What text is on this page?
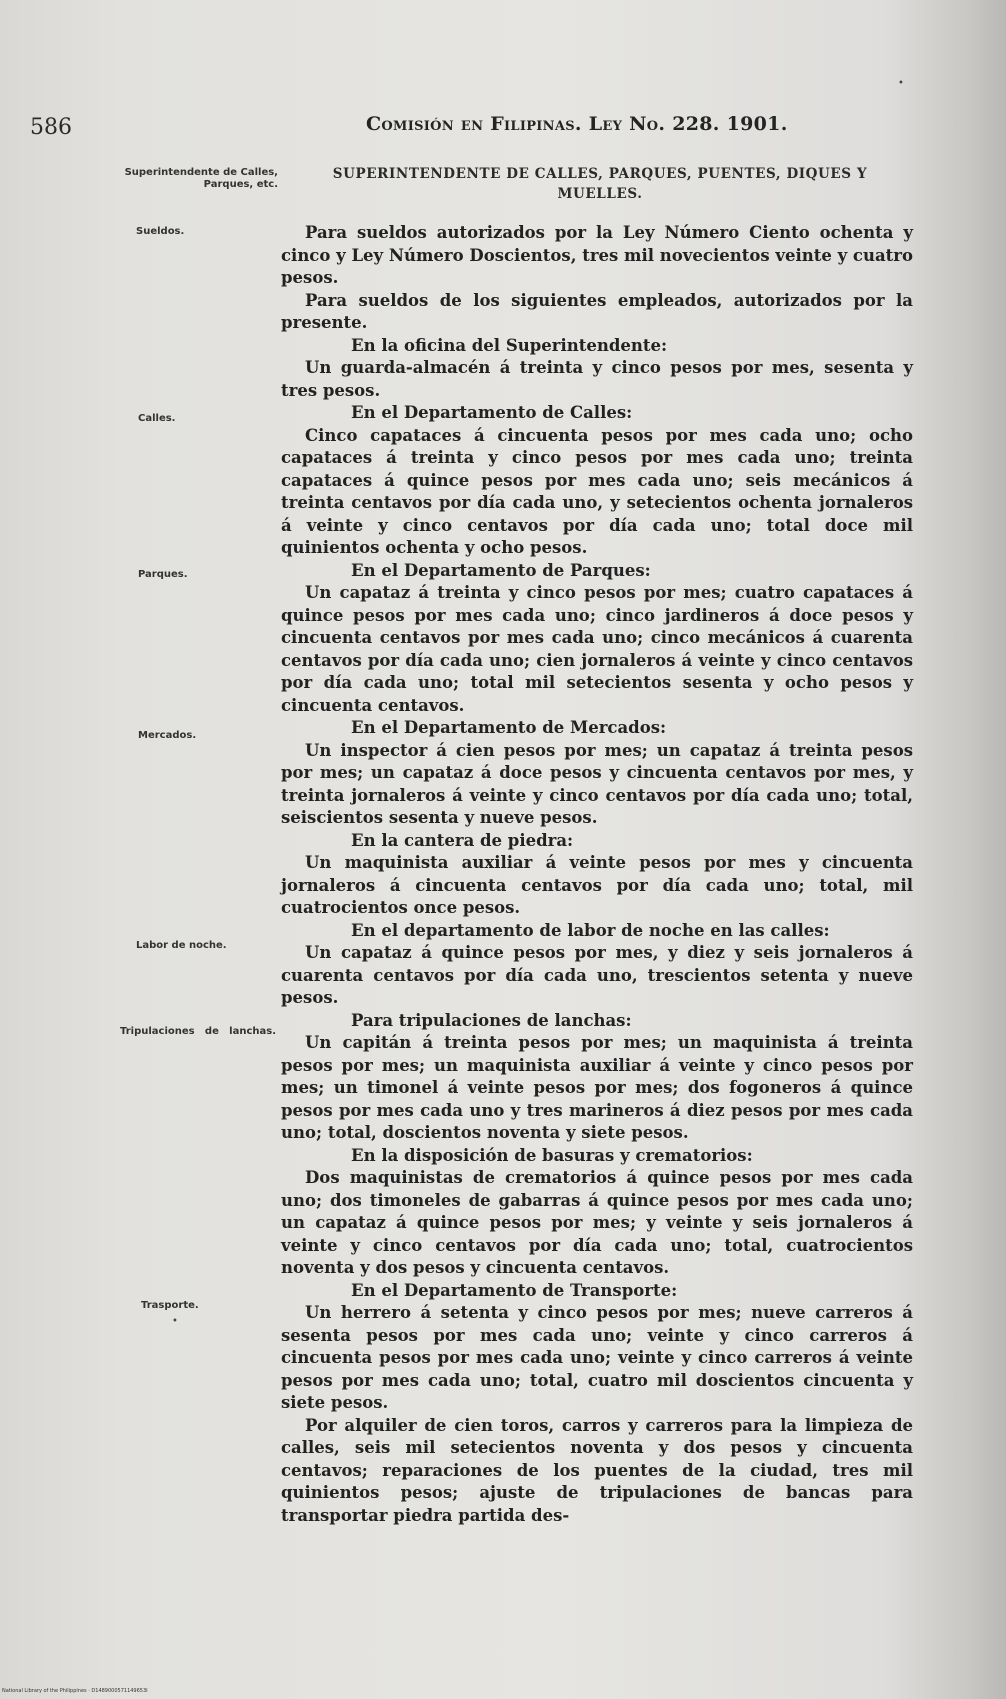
586	Comisión en Filipinas. Ley No. 228. 1901.
•
Superintendente de Calles, Parques, etc.
SUPERINTENDENTE DE CALLES, PARQUES, PUENTES, DIQUES Y MUELLES.
Sueldos.
Calles.
Parques.
Mercados.
Labor de noche.
Tripulaciones de lanchas.
Trasporte.
•

Para sueldos autorizados por la Ley Número Ciento ochenta y cinco y Ley Número Doscientos, tres mil novecientos veinte y cuatro pesos.

Para sueldos de los siguientes empleados, autorizados por la presente.

En la oficina del Superintendente:

Un guarda-almacén á treinta y cinco pesos por mes, sesenta y tres pesos.

En el Departamento de Calles:

Cinco capataces á cincuenta pesos por mes cada uno; ocho capataces á treinta y cinco pesos por mes cada uno; treinta capataces á quince pesos por mes cada uno; seis mecánicos á treinta centavos por día cada uno, y setecientos ochenta jornaleros á veinte y cinco centavos por día cada uno; total doce mil quinientos ochenta y ocho pesos.

En el Departamento de Parques:

Un capataz á treinta y cinco pesos por mes; cuatro capataces á quince pesos por mes cada uno; cinco jardineros á doce pesos y cincuenta centavos por mes cada uno; cinco mecánicos á cuarenta centavos por día cada uno; cien jornaleros á veinte y cinco centavos por día cada uno; total mil setecientos sesenta y ocho pesos y cincuenta centavos.

En el Departamento de Mercados:

Un inspector á cien pesos por mes; un capataz á treinta pesos por mes; un capataz á doce pesos y cincuenta centavos por mes, y treinta jornaleros á veinte y cinco centavos por día cada uno; total, seiscientos sesenta y nueve pesos.

En la cantera de piedra:

Un maquinista auxiliar á veinte pesos por mes y cincuenta jornaleros á cincuenta centavos por día cada uno; total, mil cuatrocientos once pesos.

En el departamento de labor de noche en las calles:

Un capataz á quince pesos por mes, y diez y seis jornaleros á cuarenta centavos por día cada uno, trescientos setenta y nueve pesos.

Para tripulaciones de lanchas:

Un capitán á treinta pesos por mes; un maquinista á treinta pesos por mes; un maquinista auxiliar á veinte y cinco pesos por mes; un timonel á veinte pesos por mes; dos fogoneros á quince pesos por mes cada uno y tres marineros á diez pesos por mes cada uno; total, doscientos noventa y siete pesos.

En la disposición de basuras y crematorios:

Dos maquinistas de crematorios á quince pesos por mes cada uno; dos timoneles de gabarras á quince pesos por mes cada uno; un capataz á quince pesos por mes; y veinte y seis jornaleros á veinte y cinco centavos por día cada uno; total, cuatrocientos noventa y dos pesos y cincuenta centavos.

En el Departamento de Transporte:

Un herrero á setenta y cinco pesos por mes; nueve carreros á sesenta pesos por mes cada uno; veinte y cinco carreros á cincuenta pesos por mes cada uno; veinte y cinco carreros á veinte pesos por mes cada uno; total, cuatro mil doscientos cincuenta y siete pesos.

Por alquiler de cien toros, carros y carreros para la limpieza de calles, seis mil setecientos noventa y dos pesos y cincuenta centavos; reparaciones de los puentes de la ciudad, tres mil quinientos pesos; ajuste de tripulaciones de bancas para transportar piedra partida des-

National Library of the Philippines · D1489000571149653I
